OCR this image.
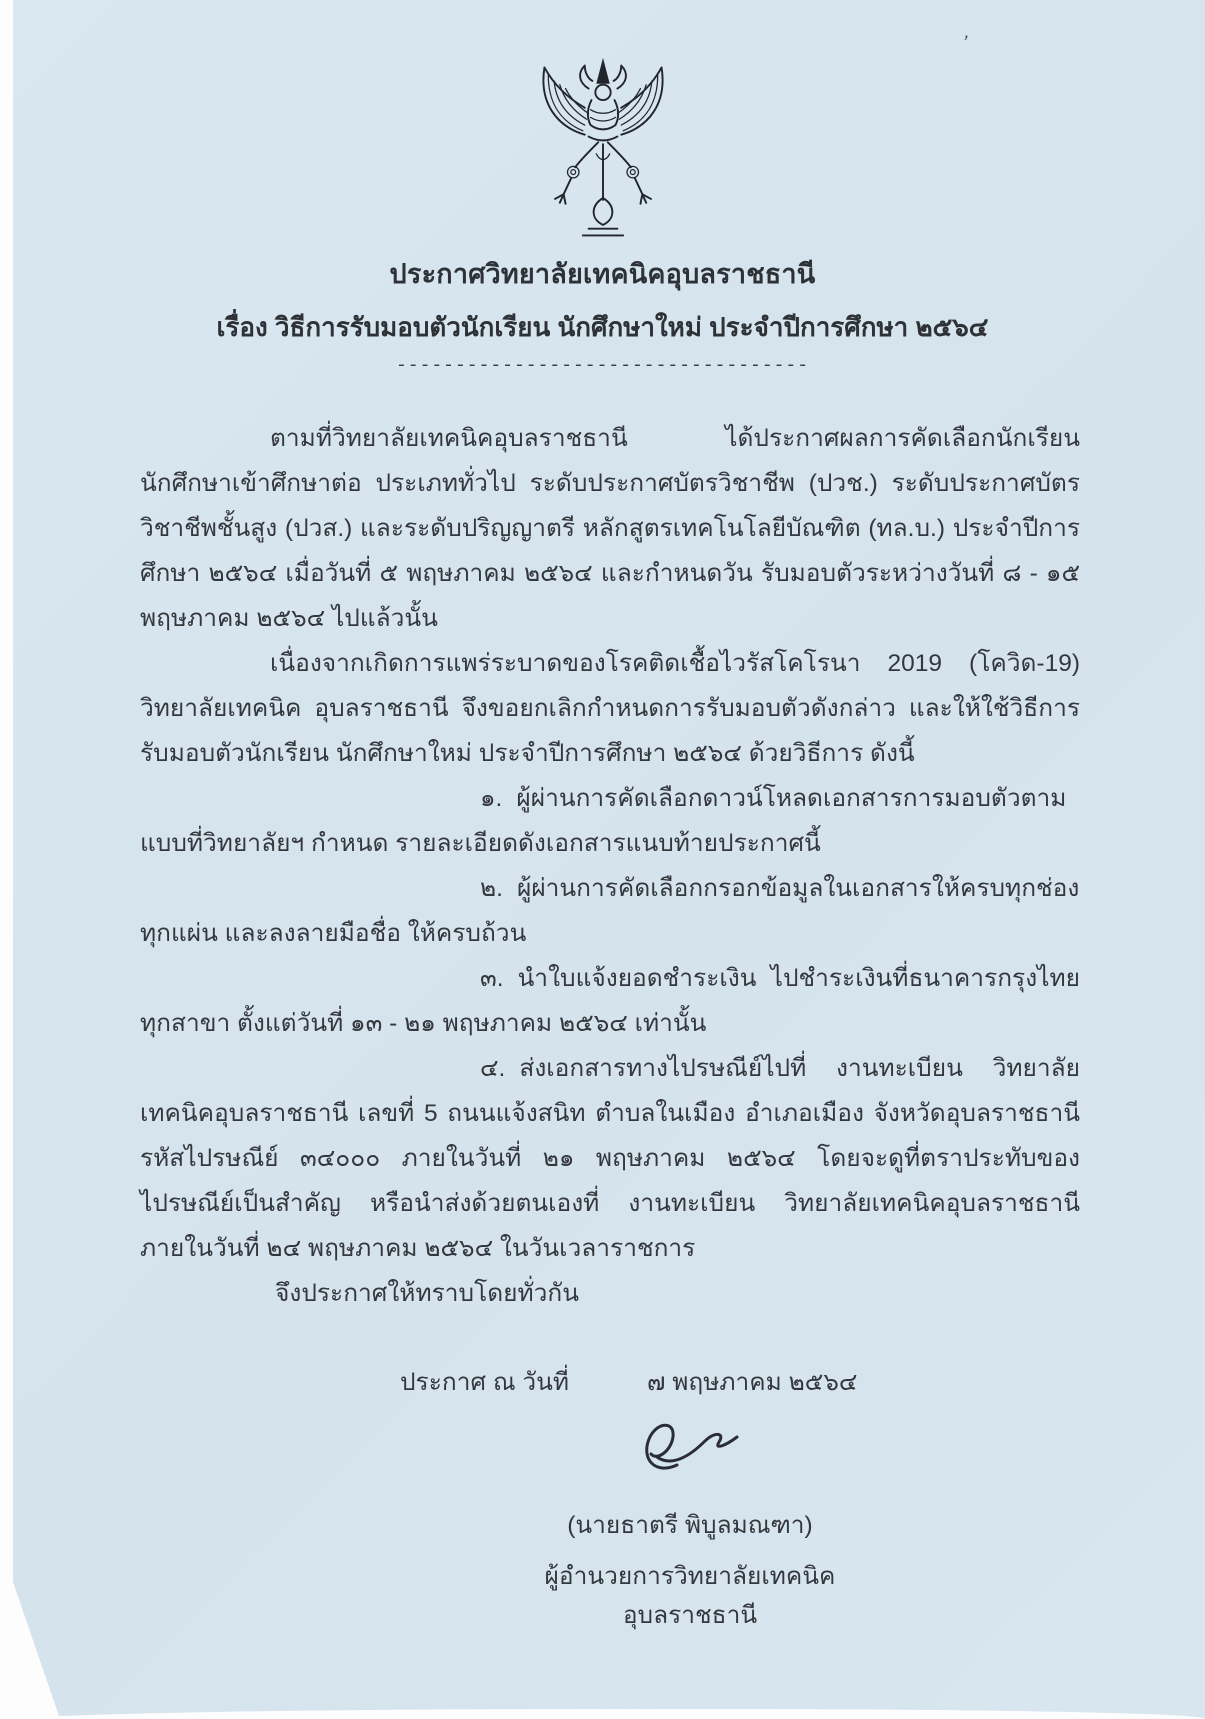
’
ประกาศวิทยาลัยเทคนิคอุบลราชธานี
เรื่อง วิธีการรับมอบตัวนักเรียน นักศึกษาใหม่ ประจำปีการศึกษา ๒๕๖๔
-----------------------------------

ตามที่วิทยาลัยเทคนิคอุบลราชธานี ได้ประกาศผลการคัดเลือกนักเรียน นักศึกษาเข้าศึกษาต่อ ประเภททั่วไป ระดับประกาศบัตรวิชาชีพ (ปวช.) ระดับประกาศบัตรวิชาชีพชั้นสูง (ปวส.) และระดับปริญญาตรี หลักสูตรเทคโนโลยีบัณฑิต (ทล.บ.) ประจำปีการศึกษา ๒๕๖๔ เมื่อวันที่ ๕ พฤษภาคม ๒๕๖๔ และกำหนดวัน รับมอบตัวระหว่างวันที่ ๘ - ๑๕ พฤษภาคม ๒๕๖๔ ไปแล้วนั้น

เนื่องจากเกิดการแพร่ระบาดของโรคติดเชื้อไวรัสโคโรนา 2019 (โควิด-19) วิทยาลัยเทคนิค อุบลราชธานี จึงขอยกเลิกกำหนดการรับมอบตัวดังกล่าว และให้ใช้วิธีการรับมอบตัวนักเรียน นักศึกษาใหม่ ประจำปีการศึกษา ๒๕๖๔ ด้วยวิธีการ ดังนี้

๑. ผู้ผ่านการคัดเลือกดาวน์โหลดเอกสารการมอบตัวตามแบบที่วิทยาลัยฯ กำหนด รายละเอียดดังเอกสารแนบท้ายประกาศนี้

๒. ผู้ผ่านการคัดเลือกกรอกข้อมูลในเอกสารให้ครบทุกช่อง ทุกแผ่น และลงลายมือชื่อ ให้ครบถ้วน

๓. นำใบแจ้งยอดชำระเงิน ไปชำระเงินที่ธนาคารกรุงไทยทุกสาขา ตั้งแต่วันที่ ๑๓ - ๒๑ พฤษภาคม ๒๕๖๔ เท่านั้น

๔. ส่งเอกสารทางไปรษณีย์ไปที่ งานทะเบียน วิทยาลัยเทคนิคอุบลราชธานี เลขที่ 5 ถนนแจ้งสนิท ตำบลในเมือง อำเภอเมือง จังหวัดอุบลราชธานี รหัสไปรษณีย์ ๓๔๐๐๐ ภายในวันที่ ๒๑ พฤษภาคม ๒๕๖๔ โดยจะดูที่ตราประทับของไปรษณีย์เป็นสำคัญ หรือนำส่งด้วยตนเองที่ งานทะเบียน วิทยาลัยเทคนิคอุบลราชธานี ภายในวันที่ ๒๔ พฤษภาคม ๒๕๖๔ ในวันเวลาราชการ

จึงประกาศให้ทราบโดยทั่วกัน

ประกาศ ณ วันที่	๗ พฤษภาคม ๒๕๖๔
(นายธาตรี พิบูลมณฑา)
ผู้อำนวยการวิทยาลัยเทคนิคอุบลราชธานี
